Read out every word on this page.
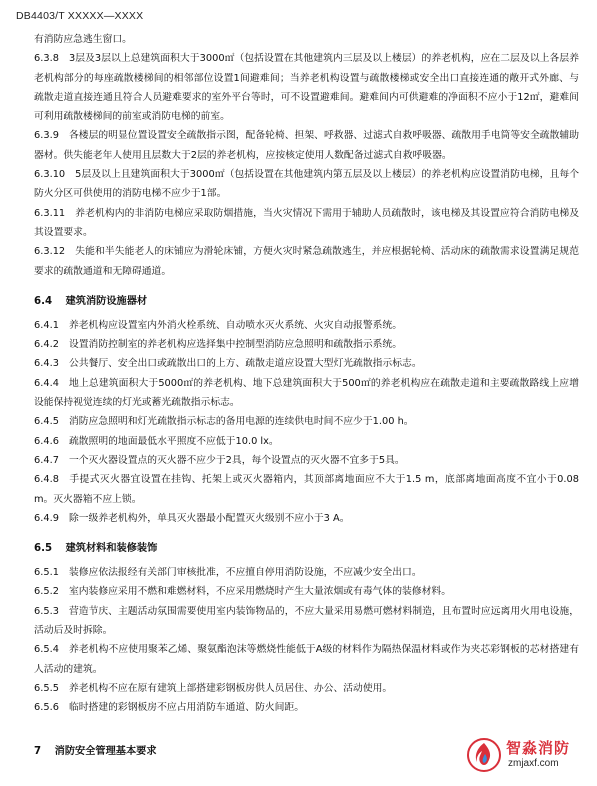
DB4403/T XXXXX—XXXX

有消防应急逃生窗口。

6.3.8 3层及3层以上总建筑面积大于3000㎡（包括设置在其他建筑内三层及以上楼层）的养老机构，应在二层及以上各层养老机构部分的每座疏散楼梯间的相邻部位设置1间避难间；当养老机构设置与疏散楼梯或安全出口直接连通的敞开式外廊、与疏散走道直接连通且符合人员避难要求的室外平台等时，可不设置避难间。避难间内可供避难的净面积不应小于12㎡，避难间可利用疏散楼梯间的前室或消防电梯的前室。

6.3.9 各楼层的明显位置设置安全疏散指示图，配备轮椅、担架、呼救器、过滤式自救呼吸器、疏散用手电筒等安全疏散辅助器材。供失能老年人使用且层数大于2层的养老机构，应按核定使用人数配备过滤式自救呼吸器。

6.3.10 5层及以上且建筑面积大于3000㎡（包括设置在其他建筑内第五层及以上楼层）的养老机构应设置消防电梯，且每个防火分区可供使用的消防电梯不应少于1部。

6.3.11 养老机构内的非消防电梯应采取防烟措施，当火灾情况下需用于辅助人员疏散时，该电梯及其设置应符合消防电梯及其设置要求。

6.3.12 失能和半失能老人的床铺应为滑轮床铺，方便火灾时紧急疏散逃生，并应根据轮椅、活动床的疏散需求设置满足规范要求的疏散通道和无障碍通道。

6.4 建筑消防设施器材

6.4.1 养老机构应设置室内外消火栓系统、自动喷水灭火系统、火灾自动报警系统。

6.4.2 设置消防控制室的养老机构应选择集中控制型消防应急照明和疏散指示系统。

6.4.3 公共餐厅、安全出口或疏散出口的上方、疏散走道应设置大型灯光疏散指示标志。

6.4.4 地上总建筑面积大于5000㎡的养老机构、地下总建筑面积大于500㎡的养老机构应在疏散走道和主要疏散路线上应增设能保持视觉连续的灯光或蓄光疏散指示标志。

6.4.5 消防应急照明和灯光疏散指示标志的备用电源的连续供电时间不应少于1.00 h。

6.4.6 疏散照明的地面最低水平照度不应低于10.0 lx。

6.4.7 一个灭火器设置点的灭火器不应少于2具，每个设置点的灭火器不宜多于5具。

6.4.8 手提式灭火器宜设置在挂钩、托架上或灭火器箱内，其顶部离地面应不大于1.5 m，底部离地面高度不宜小于0.08 m。灭火器箱不应上锁。

6.4.9 除一级养老机构外，单具灭火器最小配置灭火级别不应小于3 A。

6.5 建筑材料和装修装饰

6.5.1 装修应依法报经有关部门审核批准，不应擅自停用消防设施，不应减少安全出口。

6.5.2 室内装修应采用不燃和难燃材料，不应采用燃烧时产生大量浓烟或有毒气体的装修材料。

6.5.3 营造节庆、主题活动氛围需要使用室内装饰物品的，不应大量采用易燃可燃材料制造，且布置时应远离用火用电设施，活动后及时拆除。

6.5.4 养老机构不应使用聚苯乙烯、聚氨酯泡沫等燃烧性能低于A级的材料作为隔热保温材料或作为夹芯彩钢板的芯材搭建有人活动的建筑。

6.5.5 养老机构不应在原有建筑上部搭建彩钢板房供人员居住、办公、活动使用。

6.5.6 临时搭建的彩钢板房不应占用消防车通道、防火间距。

7 消防安全管理基本要求	智淼消防
zmjaxf.com
